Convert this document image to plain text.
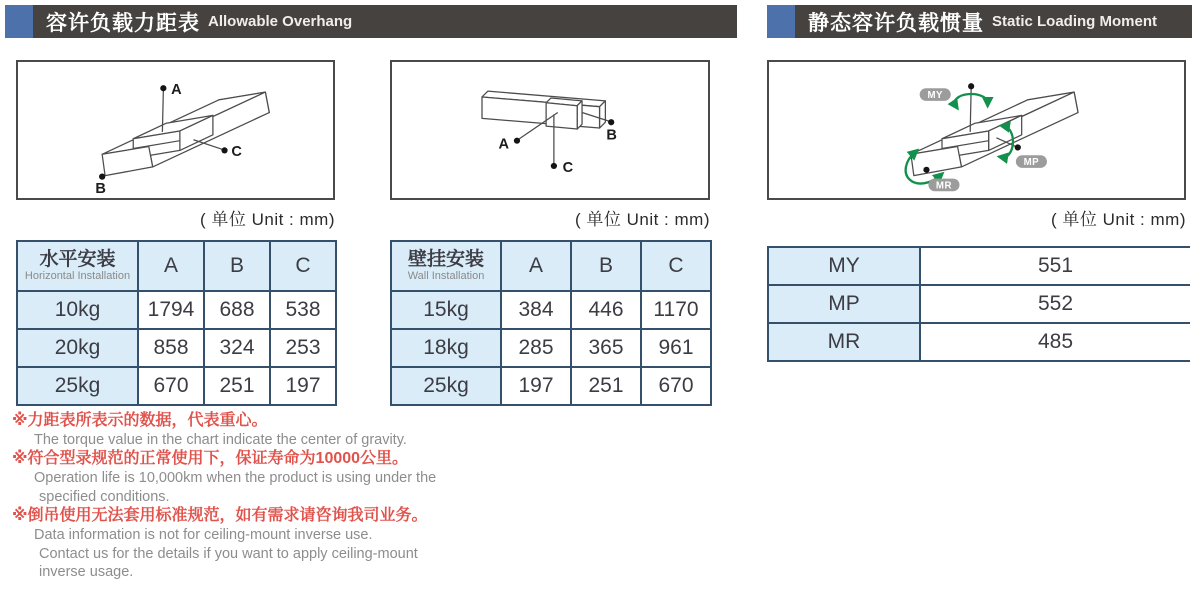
容许负载力距表 Allowable Overhang	静态容许负载惯量 Static Loading Moment
A
C
B
A
C
B
MY
MP
MR
( 单位 Unit : mm)	( 单位 Unit : mm)	( 单位 Unit : mm)
水平安装
Horizontal Installation	A	B	C
10kg	1794	688	538
20kg	858	324	253
25kg	670	251	197
壁挂安装
Wall Installation	A	B	C
15kg	384	446	1170
18kg	285	365	961
25kg	197	251	670
MY	551
MP	552
MR	485
※力距表所表示的数据，代表重心。
The torque value in the chart indicate the center of gravity.
※符合型录规范的正常使用下，保证寿命为10000公里。
Operation life is 10,000km when the product is using under the
specified conditions.
※倒吊使用无法套用标准规范，如有需求请咨询我司业务。
Data information is not for ceiling-mount inverse use.
Contact us for the details if you want to apply ceiling-mount
inverse usage.
